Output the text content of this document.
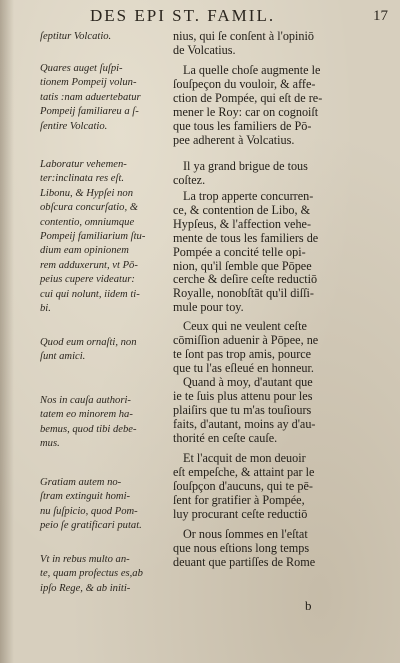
DES EPI ST. FAMIL.	17
ſeptitur Volcatio.
Quares auget ſuſpi-
tionem Pompeij volun-
tatis :nam aduertebatur
Pompeij familiareu a ſ-
ſentire Volcatio.
Laboratur vehemen-
ter:inclinata res eſt.
Libonu, & Hypſei non
obſcura concurſatio, &
contentio, omniumque
Pompeij familiarium ſtu-
dium eam opinionem
rem adduxerunt, vt Pō-
peius cupere videatur:
cui qui nolunt, iidem ti-
bi.
Quod eum ornaſti, non
ſunt amici.
Nos in cauſa authori-
tatem eo minorem ha-
bemus, quod tibi debe-
mus.
Gratiam autem no-
ſtram extinguit homi-
nu ſuſpicio, quod Pom-
peio ſe gratificari putat.
Vt in rebus multo an-
te, quam profectus es,ab
ipſo Rege, & ab initi-
nius, qui ſe conſent à l'opiniō
de Volcatius.
La quelle choſe augmente le
ſouſpeçon du vouloir, & affe-
ction de Pompée, qui eſt de re-
mener le Roy: car on cognoiſt
que tous les familiers de Pō-
pee adherent à Volcatius.
Il ya grand brigue de tous
coſtez.
La trop apperte concurren-
ce, & contention de Libo, &
Hypſeus, & l'affection vehe-
mente de tous les familiers de
Pompée a concité telle opi-
nion, qu'il ſemble que Pōpee
cerche & deſire ceſte reductiō
Royalle, nonobſtāt qu'il diſſi-
mule pour toy.
Ceux qui ne veulent ceſte
cōmiſſion aduenir à Pōpee, ne
te ſont pas trop amis, pource
que tu l'as eſleué en honneur.
Quand à moy, d'autant que
ie te ſuis plus attenu pour les
plaiſirs que tu m'as touſiours
faits, d'autant, moins ay d'au-
thorité en ceſte cauſe.
Et l'acquit de mon deuoir
eſt empeſche, & attaint par le
ſouſpçon d'aucuns, qui te pē-
ſent for gratifier à Pompée,
luy procurant ceſte reductiō
Or nous ſommes en l'eſtat
que nous eſtions long temps
deuant que partiſſes de Rome
b
